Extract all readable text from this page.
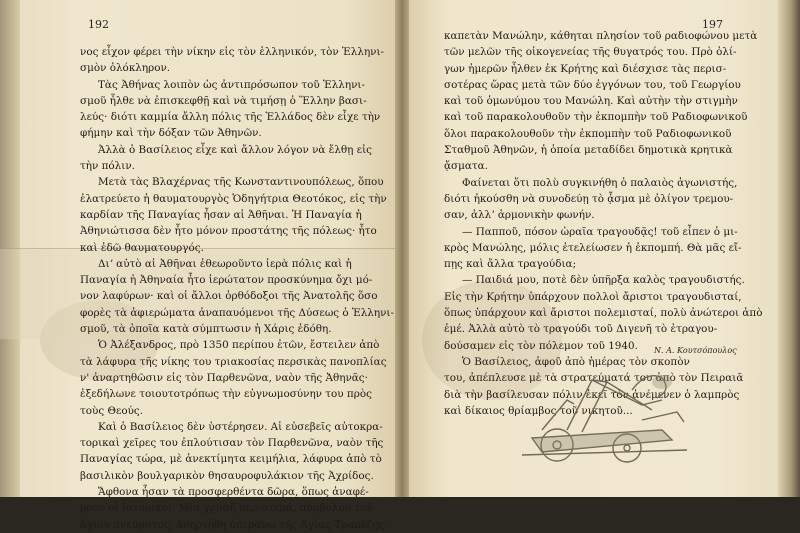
192
νος εἶχον φέρει τὴν νίκην εἰς τὸν ἑλληνικόν, τὸν Ἑλληνι-
σμὸν ὁλόκληρον.
Τὰς Ἀθήνας λοιπὸν ὡς ἀντιπρόσωπον τοῦ Ἑλληνι-
σμοῦ ἦλθε νὰ ἐπισκεφθῇ καὶ νὰ τιμήσῃ ὁ Ἕλλην βασι-
λεύς· διότι καμμία ἄλλη πόλις τῆς Ἑλλάδος δὲν εἶχε τὴν
φήμην καὶ τὴν δόξαν τῶν Ἀθηνῶν.
Ἀλλὰ ὁ Βασίλειος εἶχε καὶ ἄλλον λόγον νὰ ἔλθῃ εἰς
τὴν πόλιν.
Μετὰ τὰς Βλαχέρνας τῆς Κωνσταντινουπόλεως, ὅπου
ἐλατρεύετο ἡ θαυματουργὸς Ὁδηγήτρια Θεοτόκος, εἰς τὴν
καρδίαν τῆς Παναγίας ἦσαν αἱ Ἀθῆναι. Ἡ Παναγία ἡ
Ἀθηνιώτισσα δὲν ἦτο μόνον προστάτης τῆς πόλεως· ἦτο
καὶ ἐδῶ θαυματουργός.
Διʼ αὐτὸ αἱ Ἀθῆναι ἐθεωροῦντο ἱερὰ πόλις καὶ ἡ
Παναγία ἡ Ἀθηναία ἦτο ἱερώτατον προσκύνημα ὄχι μό-
νον λαφύρων· καὶ οἱ ἄλλοι ὀρθόδοξοι τῆς Ἀνατολῆς ὅσο
φορὲς τὰ ἀφιερώματα ἀναπαυόμενοι τῆς Δύσεως ὁ Ἑλληνι-
σμοῦ, τὰ ὁποῖα κατὰ σύμπτωσιν ἡ Χάρις ἐδόθη.
Ὁ Ἀλέξανδρος, πρὸ 1350 περίπου ἐτῶν, ἔστειλεν ἀπὸ
τὰ λάφυρα τῆς νίκης του τριακοσίας περσικὰς πανοπλίας
ν' ἀναρτηθῶσιν εἰς τὸν Παρθενῶνα, ναὸν τῆς Ἀθηνᾶς·
ἐξεδήλωνε τοιουτοτρόπως τὴν εὐγνωμοσύνην του πρὸς
τοὺς Θεούς.
Καὶ ὁ Βασίλειος δὲν ὑστέρησεν. Αἱ εὐσεβεῖς αὐτοκρα-
τορικαὶ χεῖρες του ἐπλούτισαν τὸν Παρθενῶνα, ναὸν τῆς
Παναγίας τώρα, μὲ ἀνεκτίμητα κειμήλια, λάφυρα ἀπὸ τὸ
βασιλικὸν βουλγαρικὸν θησαυροφυλάκιον τῆς Ἀχρίδος.
Ἄφθονα ἦσαν τὰ προσφερθέντα δῶρα, ὅπως ἀναφέ-
ρουν οἱ ἱστορικοί. Μία χρυσῆ περιστερά, σύμβολον τοῦ
ἁγίου πνεύματος, ἀνηρτήθη ὑπεράνω τῆς Ἁγίας Τραπέζης.
197
καπετὰν Μανώλην, κάθηται πλησίον τοῦ ραδιοφώνου μετὰ
τῶν μελῶν τῆς οἰκογενείας τῆς θυγατρός του. Πρὸ ὀλί-
γων ἡμερῶν ἦλθεν ἐκ Κρήτης καὶ διέσχισε τὰς περισ-
σοτέρας ὥρας μετὰ τῶν δύο ἐγγόνων του, τοῦ Γεωργίου
καὶ τοῦ ὁμωνύμου του Μανώλη. Καὶ αὐτὴν τὴν στιγμὴν
καὶ τοῦ παρακολουθοῦν τὴν ἐκπομπὴν τοῦ Ραδιοφωνικοῦ
ὅλοι παρακολουθοῦν τὴν ἐκπομπὴν τοῦ Ραδιοφωνικοῦ
Σταθμοῦ Ἀθηνῶν, ἡ ὁποία μεταδίδει δημοτικὰ κρητικὰ
ᾄσματα.
Φαίνεται ὅτι πολὺ συγκινήθη ὁ παλαιὸς ἀγωνιστής,
διότι ἠκούσθη νὰ συνοδεύῃ τὸ ᾆσμα μὲ ὀλίγον τρεμου-
σαν, ἀλλʼ ἁρμονικὴν φωνήν.
— Παπποῦ, πόσον ὡραῖα τραγουδᾷς! τοῦ εἶπεν ὁ μι-
κρὸς Μανώλης, μόλις ἐτελείωσεν ἡ ἐκπομπή. Θὰ μᾶς εἴ-
πῃς καὶ ἄλλα τραγούδια;
— Παιδιά μου, ποτὲ δὲν ὑπῆρξα καλὸς τραγουδιστής.
Εἰς τὴν Κρήτην ὑπάρχουν πολλοὶ ἄριστοι τραγουδισταί,
ὅπως ὑπάρχουν καὶ ἄριστοι πολεμισταί, πολὺ ἀνώτεροι ἀπὸ
ἐμέ. Ἀλλὰ αὐτὸ τὸ τραγούδι τοῦ Διγενῆ τὸ ἐτραγου-
δούσαμεν εἰς τὸν πόλεμον τοῦ 1940.
Ὁ Βασίλειος, ἀφοῦ ἀπὸ ἡμέρας τὸν σκοπὸν
του, ἀπέπλευσε μὲ τὰ στρατεύματά του ἀπὸ τὸν Πειραιᾶ
διὰ τὴν βασίλευσαν πόλιν ἐκεῖ τὸν ἀνέμενεν ὁ λαμπρὸς
καὶ δίκαιος θρίαμβος τοῦ νικητοῦ...
Ν. Α. Κουτσόπουλος
